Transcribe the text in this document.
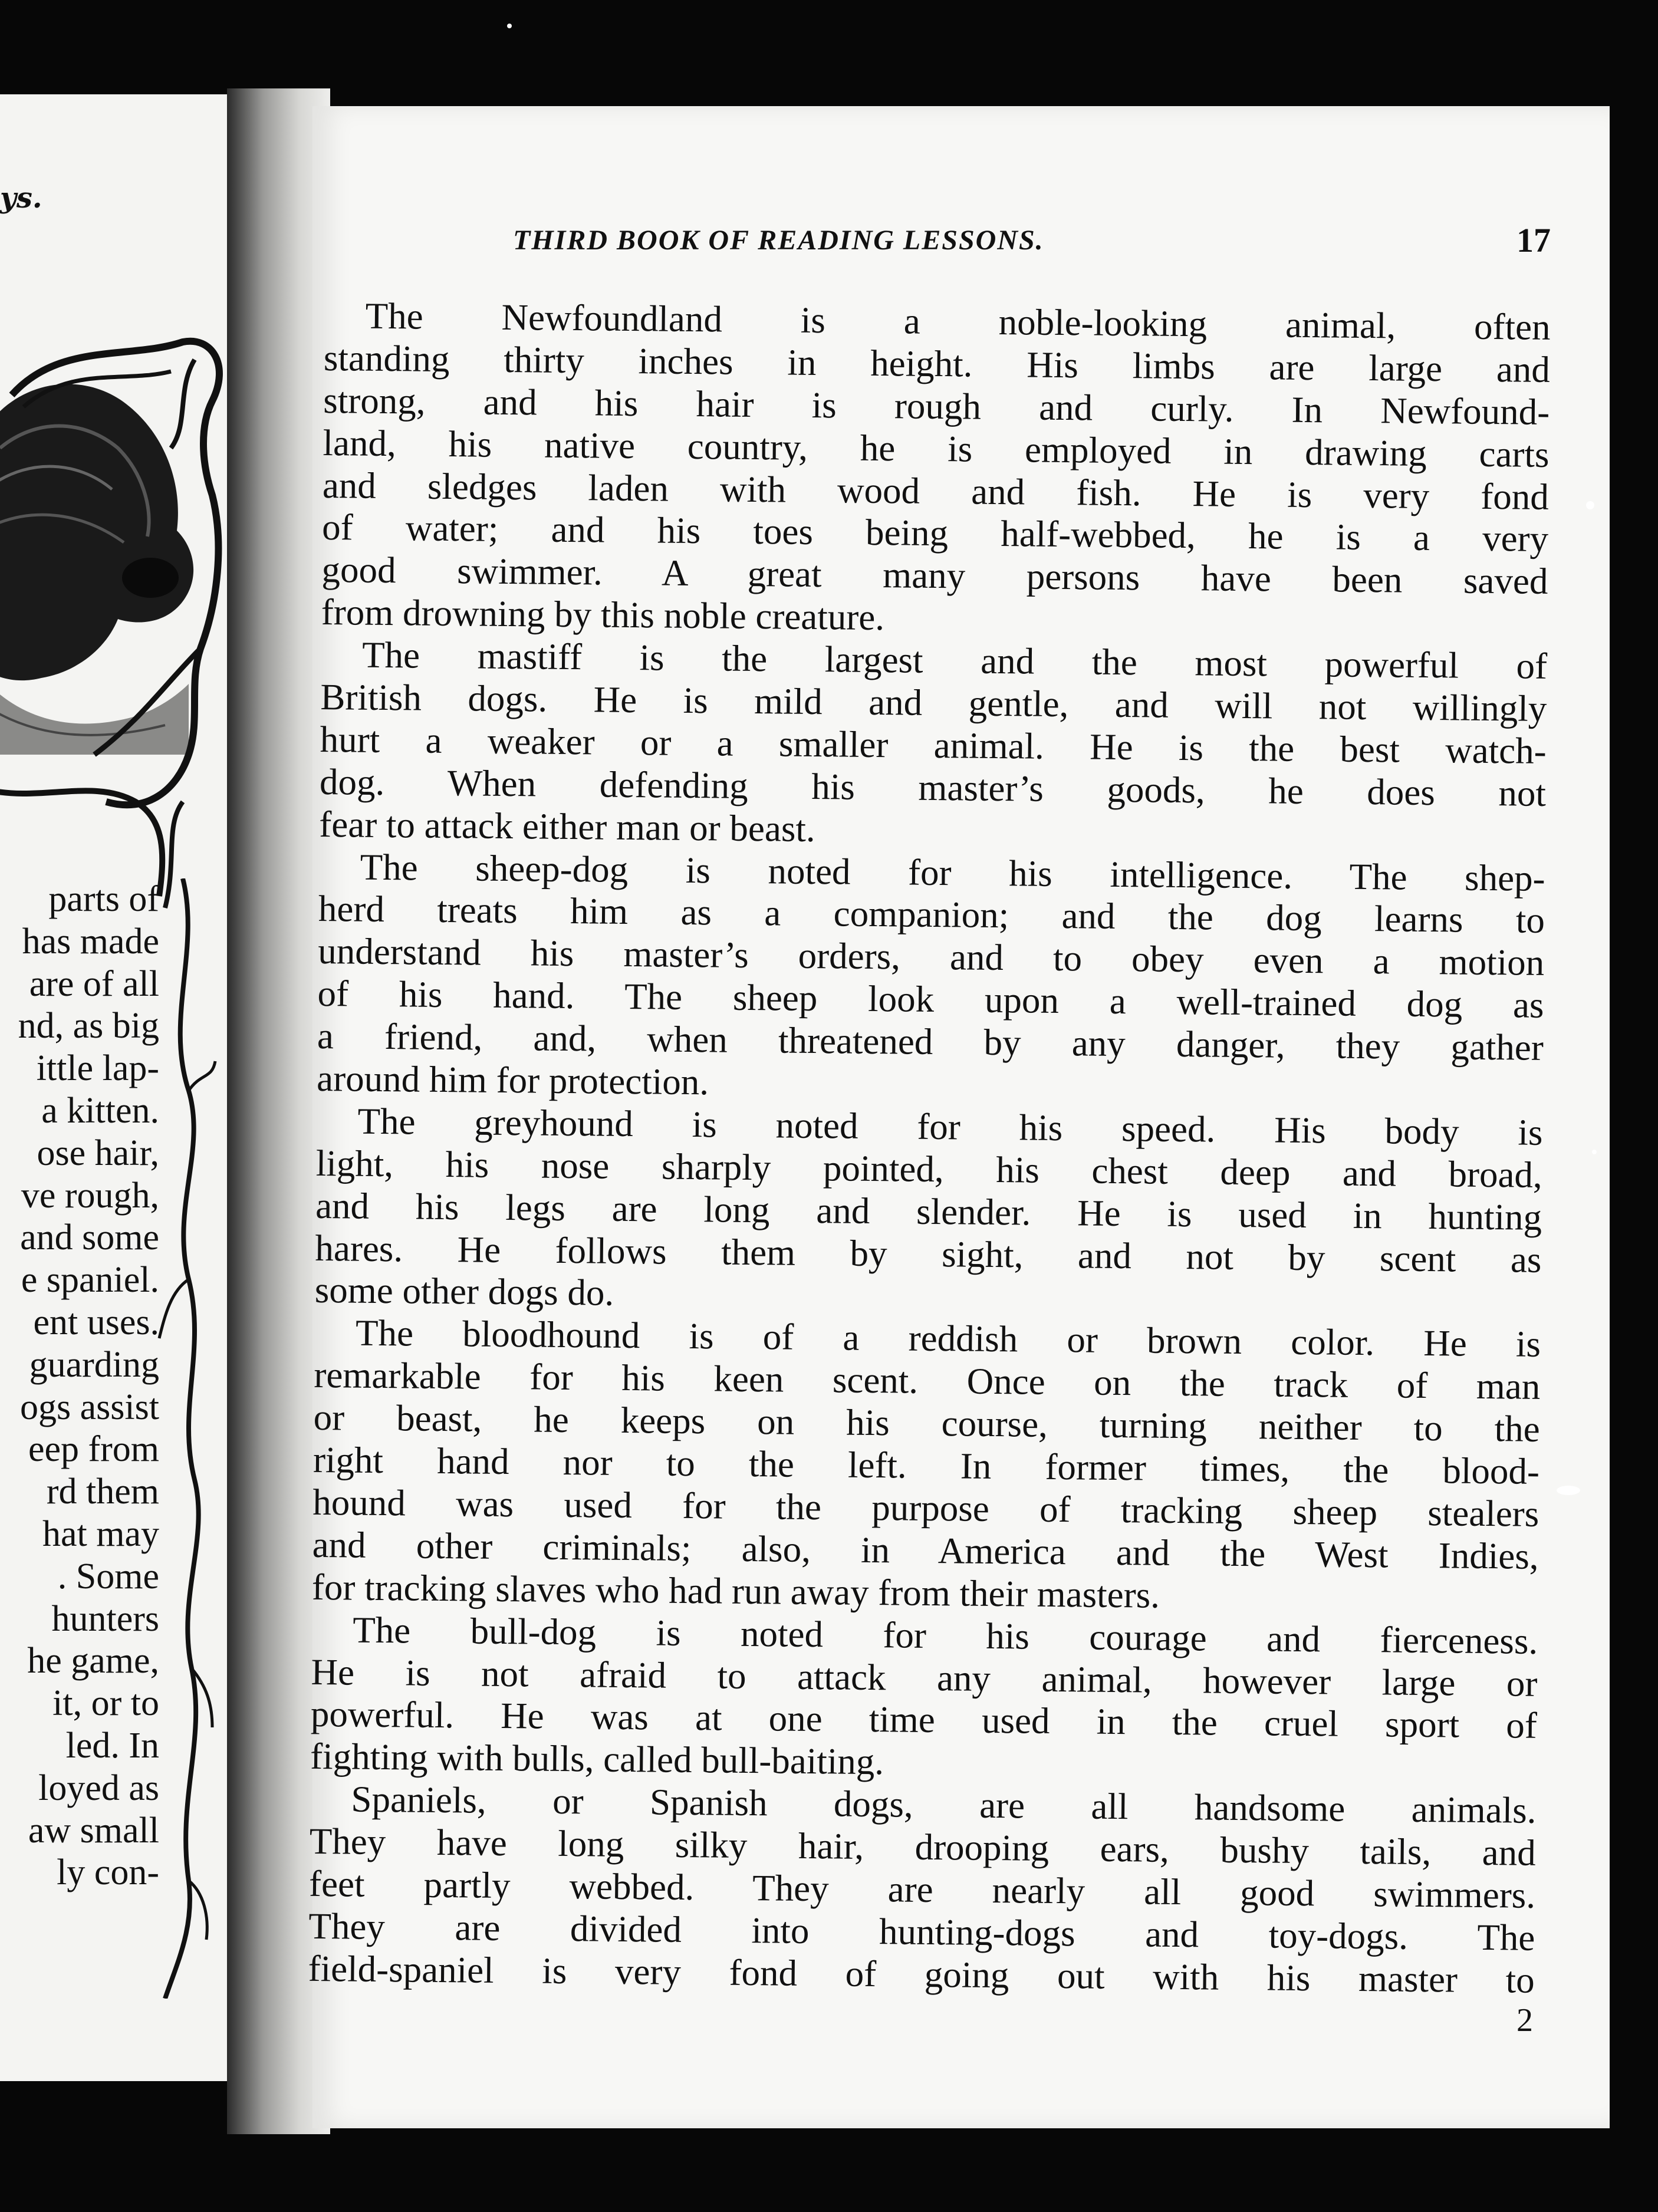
ys.
parts of
has made
are of all
nd, as big
ittle lap-
a kitten.
ose hair,
ve rough,
and some
e spaniel.
ent uses.
guarding
ogs assist
eep from
rd them
hat may
. Some
hunters
he game,
it, or to
led. In
loyed as
aw small
ly con-
THIRD BOOK OF READING LESSONS.	17
The Newfoundland is a noble-looking animal, often
standing thirty inches in height. His limbs are large and
strong, and his hair is rough and curly. In Newfound-
land, his native country, he is employed in drawing carts
and sledges laden with wood and fish. He is very fond
of water; and his toes being half-webbed, he is a very
good swimmer. A great many persons have been saved
from drowning by this noble creature.
The mastiff is the largest and the most powerful of
British dogs. He is mild and gentle, and will not willingly
hurt a weaker or a smaller animal. He is the best watch-
dog. When defending his master’s goods, he does not
fear to attack either man or beast.
The sheep-dog is noted for his intelligence. The shep-
herd treats him as a companion; and the dog learns to
understand his master’s orders, and to obey even a motion
of his hand. The sheep look upon a well-trained dog as
a friend, and, when threatened by any danger, they gather
around him for protection.
The greyhound is noted for his speed. His body is
light, his nose sharply pointed, his chest deep and broad,
and his legs are long and slender. He is used in hunting
hares. He follows them by sight, and not by scent as
some other dogs do.
The bloodhound is of a reddish or brown color. He is
remarkable for his keen scent. Once on the track of man
or beast, he keeps on his course, turning neither to the
right hand nor to the left. In former times, the blood-
hound was used for the purpose of tracking sheep stealers
and other criminals; also, in America and the West Indies,
for tracking slaves who had run away from their masters.
The bull-dog is noted for his courage and fierceness.
He is not afraid to attack any animal, however large or
powerful. He was at one time used in the cruel sport of
fighting with bulls, called bull-baiting.
Spaniels, or Spanish dogs, are all handsome animals.
They have long silky hair, drooping ears, bushy tails, and
feet partly webbed. They are nearly all good swimmers.
They are divided into hunting-dogs and toy-dogs. The
field-spaniel is very fond of going out with his master to
2
